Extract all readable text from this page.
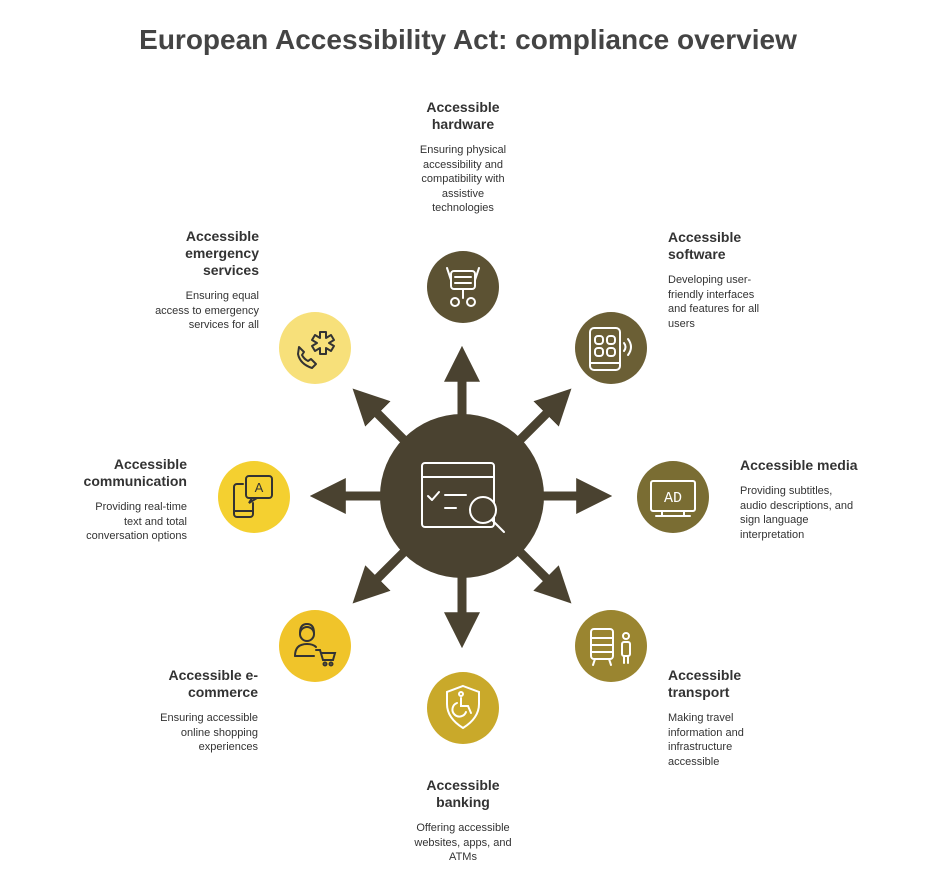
European Accessibility Act: compliance overview
AD
A
Accessible
hardware

Ensuring physical
accessibility and
compatibility with
assistive
technologies

Accessible
software

Developing user-
friendly interfaces
and features for all
users

Accessible media

Providing subtitles,
audio descriptions, and
sign language
interpretation

Accessible
transport

Making travel
information and
infrastructure
accessible

Accessible
banking

Offering accessible
websites, apps, and
ATMs

Accessible e-
commerce

Ensuring accessible
online shopping
experiences

Accessible
communication

Providing real-time
text and total
conversation options

Accessible
emergency
services

Ensuring equal
access to emergency
services for all
